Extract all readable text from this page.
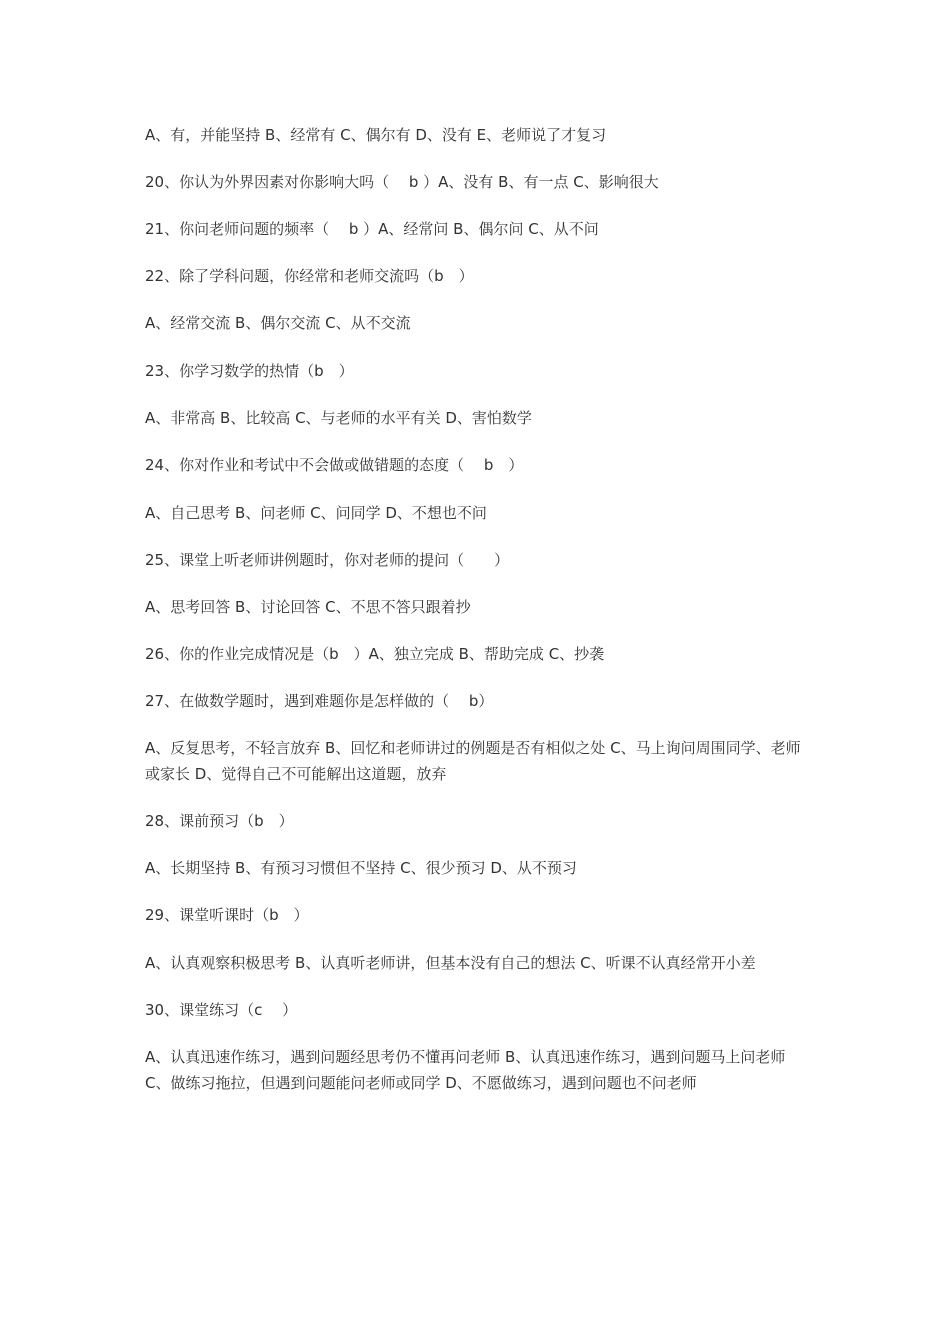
A、有，并能坚持 B、经常有 C、偶尔有 D、没有 E、老师说了才复习

20、你认为外界因素对你影响大吗（　 b ）A、没有 B、有一点 C、影响很大

21、你问老师问题的频率（　 b ）A、经常问 B、偶尔问 C、从不问

22、除了学科问题，你经常和老师交流吗（b　）

A、经常交流 B、偶尔交流 C、从不交流

23、你学习数学的热情（b　）

A、非常高 B、比较高 C、与老师的水平有关 D、害怕数学

24、你对作业和考试中不会做或做错题的态度（　 b　）

A、自己思考 B、问老师 C、问同学 D、不想也不问

25、课堂上听老师讲例题时，你对老师的提问（　　）

A、思考回答 B、讨论回答 C、不思不答只跟着抄

26、你的作业完成情况是（b　）A、独立完成 B、帮助完成 C、抄袭

27、在做数学题时，遇到难题你是怎样做的（　 b）

A、反复思考，不轻言放弃 B、回忆和老师讲过的例题是否有相似之处 C、马上询问周围同学、老师或家长 D、觉得自己不可能解出这道题，放弃

28、课前预习（b　）

A、长期坚持 B、有预习习惯但不坚持 C、很少预习 D、从不预习

29、课堂听课时（b　）

A、认真观察积极思考 B、认真听老师讲，但基本没有自己的想法 C、听课不认真经常开小差

30、课堂练习（c　 ）

A、认真迅速作练习，遇到问题经思考仍不懂再问老师 B、认真迅速作练习，遇到问题马上问老师 C、做练习拖拉，但遇到问题能问老师或同学 D、不愿做练习，遇到问题也不问老师
